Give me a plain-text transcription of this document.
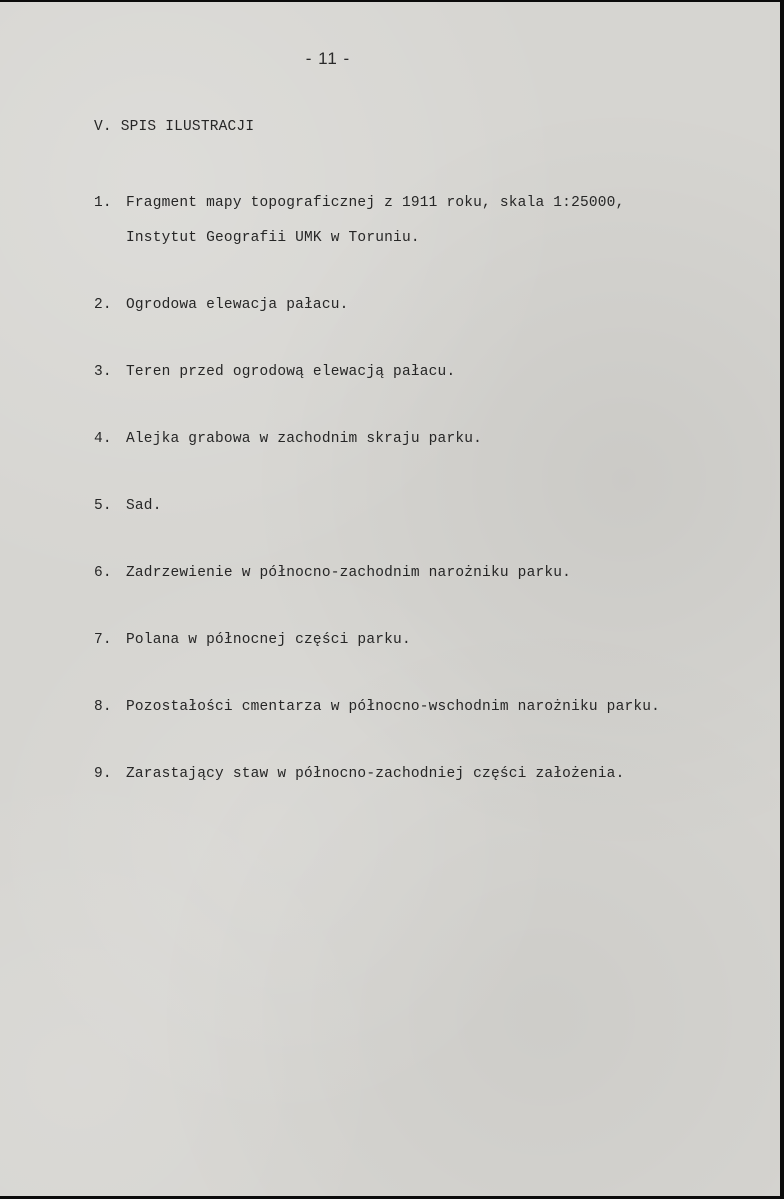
- 11 -
V. SPIS ILUSTRACJI

1. Fragment mapy topograficznej z 1911 roku, skala 1:25000,
Instytut Geografii UMK w Toruniu.

2. Ogrodowa elewacja pałacu.

3. Teren przed ogrodową elewacją pałacu.

4. Alejka grabowa w zachodnim skraju parku.

5. Sad.

6. Zadrzewienie w północno-zachodnim narożniku parku.

7. Polana w północnej części parku.

8. Pozostałości cmentarza w północno-wschodnim narożniku parku.

9. Zarastający staw w północno-zachodniej części założenia.
